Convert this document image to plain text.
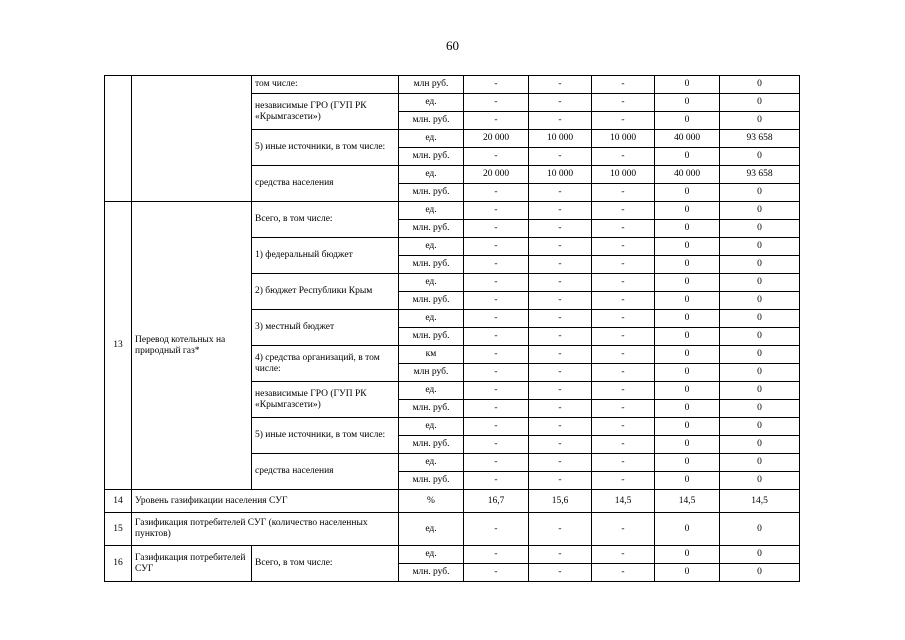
60
		том числе:	млн руб.	-	-	-	0	0
		независимые ГРО (ГУП РК «Крымгазсети»)	ед.	-	-	-	0	0
			млн. руб.	-	-	-	0	0
		5) иные источники, в том числе:	ед.	20 000	10 000	10 000	40 000	93 658
			млн. руб.	-	-	-	0	0
		средства населения	ед.	20 000	10 000	10 000	40 000	93 658
			млн. руб.	-	-	-	0	0
13	Перевод котельных на природный газ*	Всего, в том числе:	ед.	-	-	-	0	0
			млн. руб.	-	-	-	0	0
		1) федеральный бюджет	ед.	-	-	-	0	0
			млн. руб.	-	-	-	0	0
		2) бюджет Республики Крым	ед.	-	-	-	0	0
			млн. руб.	-	-	-	0	0
		3) местный бюджет	ед.	-	-	-	0	0
			млн. руб.	-	-	-	0	0
		4) средства организаций, в том числе:	км	-	-	-	0	0
			млн руб.	-	-	-	0	0
		независимые ГРО (ГУП РК «Крымгазсети»)	ед.	-	-	-	0	0
			млн. руб.	-	-	-	0	0
		5) иные источники, в том числе:	ед.	-	-	-	0	0
			млн. руб.	-	-	-	0	0
		средства населения	ед.	-	-	-	0	0
			млн. руб.	-	-	-	0	0
14	Уровень газификации населения СУГ		%	16,7	15,6	14,5	14,5	14,5
15	Газификация потребителей СУГ (количество населенных пунктов)		ед.	-	-	-	0	0
16	Газификация потребителей СУГ	Всего, в том числе:	ед.	-	-	-	0	0
			млн. руб.	-	-	-	0	0
